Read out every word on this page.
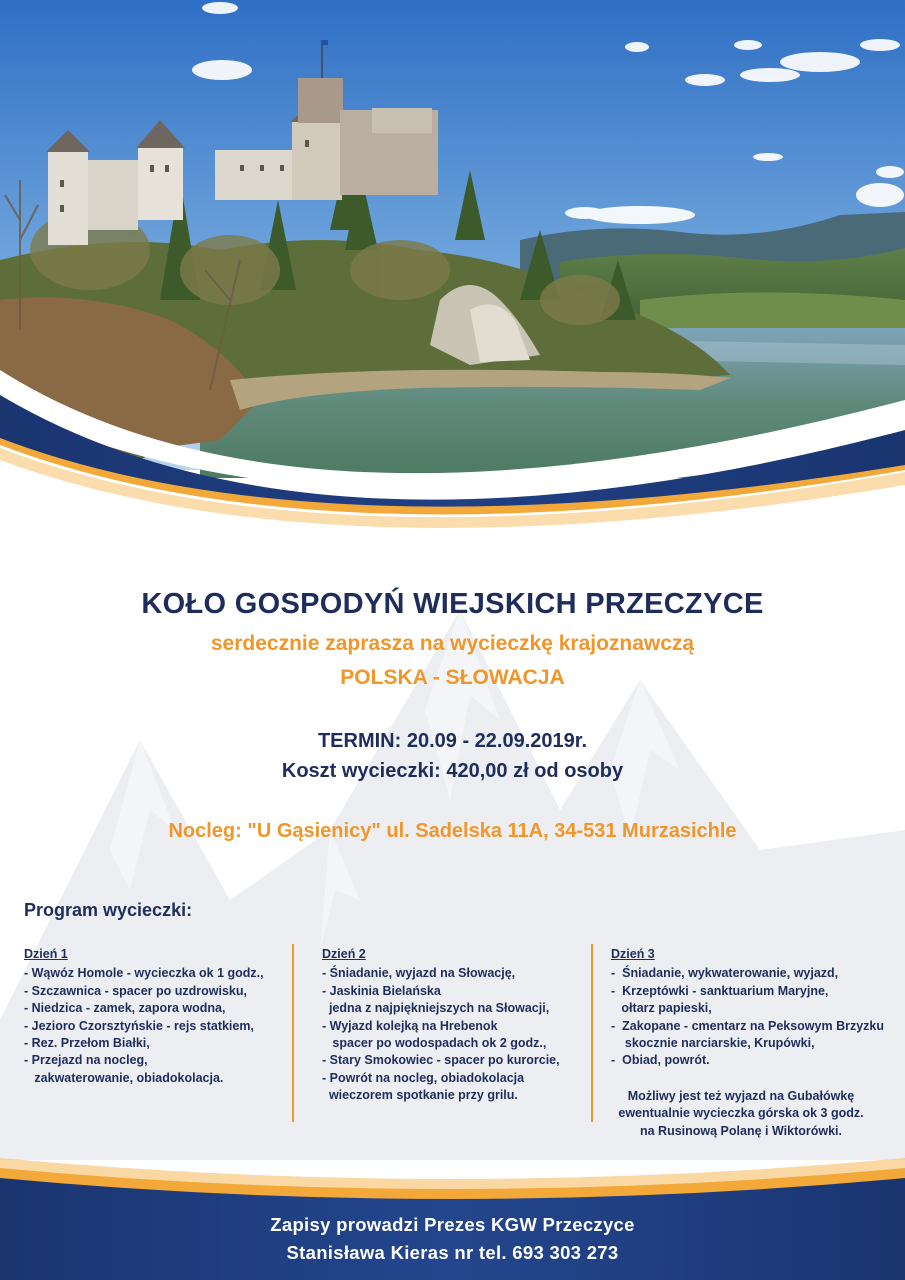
KOŁO GOSPODYŃ WIEJSKICH PRZECZYCE
serdecznie zaprasza na wycieczkę krajoznawczą
POLSKA - SŁOWACJA
TERMIN: 20.09 - 22.09.2019r.
Koszt wycieczki: 420,00 zł od osoby
Nocleg: "U Gąsienicy" ul. Sadelska 11A, 34-531 Murzasichle
Program wycieczki:
Dzień 1
- Wąwóz Homole - wycieczka ok 1 godz.,
- Szczawnica - spacer po uzdrowisku,
- Niedzica - zamek, zapora wodna,
- Jezioro Czorsztyńskie - rejs statkiem,
- Rez. Przełom Białki,
- Przejazd na nocleg,
zakwaterowanie, obiadokolacja.
Dzień 2
- Śniadanie, wyjazd na Słowację,
- Jaskinia Bielańska
jedna z najpiękniejszych na Słowacji,
- Wyjazd kolejką na Hrebenok
spacer po wodospadach ok 2 godz.,
- Stary Smokowiec - spacer po kurorcie,
- Powrót na nocleg, obiadokolacja
wieczorem spotkanie przy grilu.
Dzień 3
-  Śniadanie, wykwaterowanie, wyjazd,
-  Krzeptówki - sanktuarium Maryjne,
ołtarz papieski,
-  Zakopane - cmentarz na Peksowym Brzyzku
skocznie narciarskie, Krupówki,
-  Obiad, powrót.
Możliwy jest też wyjazd na Gubałówkę
ewentualnie wycieczka górska ok 3 godz.
na Rusinową Polanę i Wiktorówki.
Zapisy prowadzi Prezes KGW Przeczyce
Stanisława Kieras nr tel. 693 303 273
